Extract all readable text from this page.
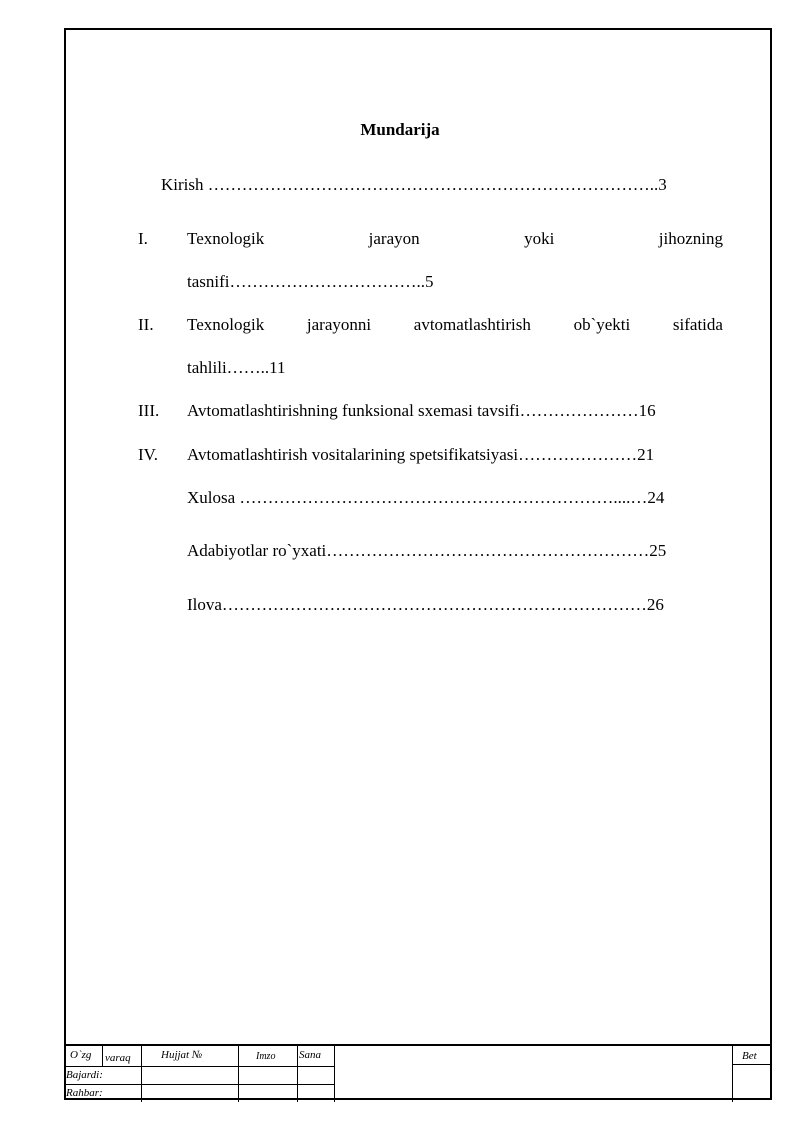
Mundarija
Kirish ……………………………………………………………………..3
I. Texnologik	jarayon	yoki	jihozning
tasnifi……………………………..5
II. Texnologik	jarayonni	avtomatlashtirish	ob`yekti	sifatida
tahlili……..11
III. Avtomatlashtirishning funksional sxemasi tavsifi…………………16
IV. Avtomatlashtirish vositalarining spetsifikatsiyasi…………………21
Xulosa …………………………………………………………....…24
Adabiyotlar ro`yxati…………………………………………………25
Ilova…………………………………………………………………26
O`zg varaq	Hujjat №	Imzo Sana	Bet
Bajardi:
Rahbar:
